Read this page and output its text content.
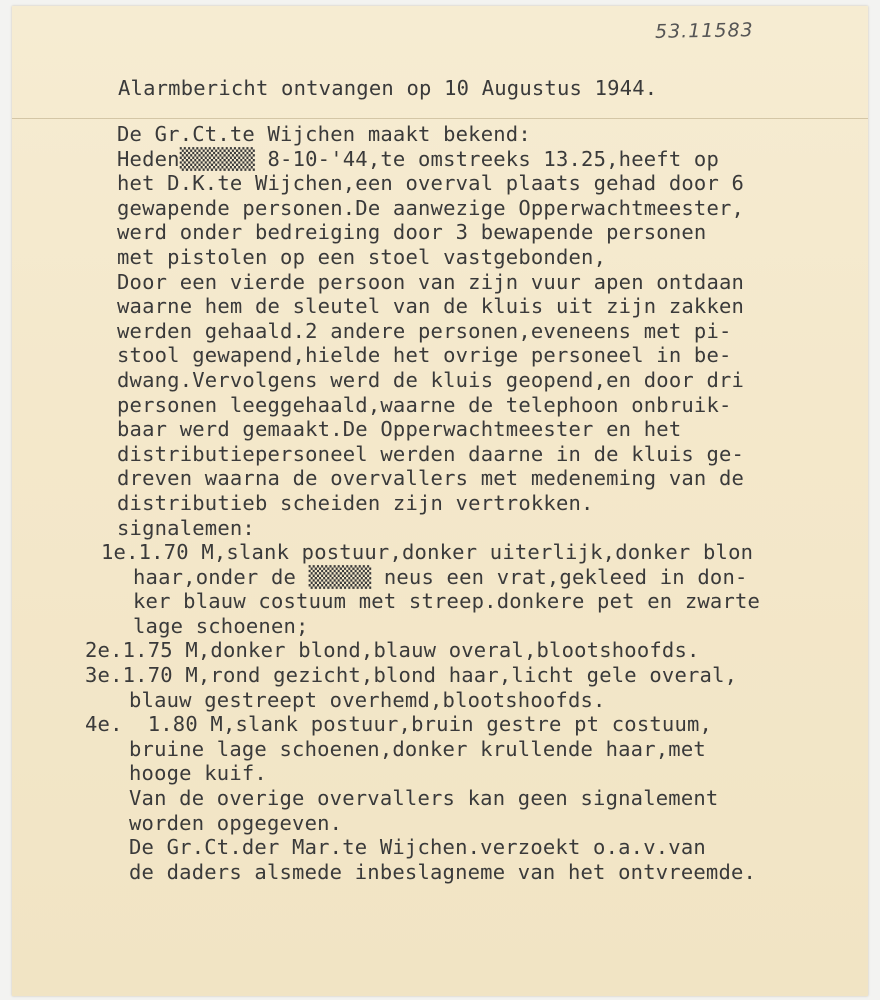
53.11583
Alarmbericht ontvangen op 10 Augustus 1944.
De Gr.Ct.te Wijchen maakt bekend:
Heden▒▒▒▒▒▒ 8-10-'44,te omstreeks 13.25,heeft op
het D.K.te Wijchen,een overval plaats gehad door 6
gewapende personen.De aanwezige Opperwachtmeester,
werd onder bedreiging door 3 bewapende personen
met pistolen op een stoel vastgebonden,
Door een vierde persoon van zijn vuur apen ontdaan
waarne hem de sleutel van de kluis uit zijn zakken
werden gehaald.2 andere personen,eveneens met pi-
stool gewapend,hielde het ovrige personeel in be-
dwang.Vervolgens werd de kluis geopend,en door dri
personen leeggehaald,waarne de telephoon onbruik-
baar werd gemaakt.De Opperwachtmeester en het
distributiepersoneel werden daarne in de kluis ge-
dreven waarna de overvallers met medeneming van de
distributieb scheiden zijn vertrokken.
signalemen:
1e.1.70 M,slank postuur,donker uiterlijk,donker blon
haar,onder de ▒▒▒▒▒ neus een vrat,gekleed in don-
ker blauw costuum met streep.donkere pet en zwarte
lage schoenen;
2e.1.75 M,donker blond,blauw overal,blootshoofds.
3e.1.70 M,rond gezicht,blond haar,licht gele overal,
blauw gestreept overhemd,blootshoofds.
4e.  1.80 M,slank postuur,bruin gestre pt costuum,
bruine lage schoenen,donker krullende haar,met
hooge kuif.
Van de overige overvallers kan geen signalement
worden opgegeven.
De Gr.Ct.der Mar.te Wijchen.verzoekt o.a.v.van
de daders alsmede inbeslagneme van het ontvreemde.
